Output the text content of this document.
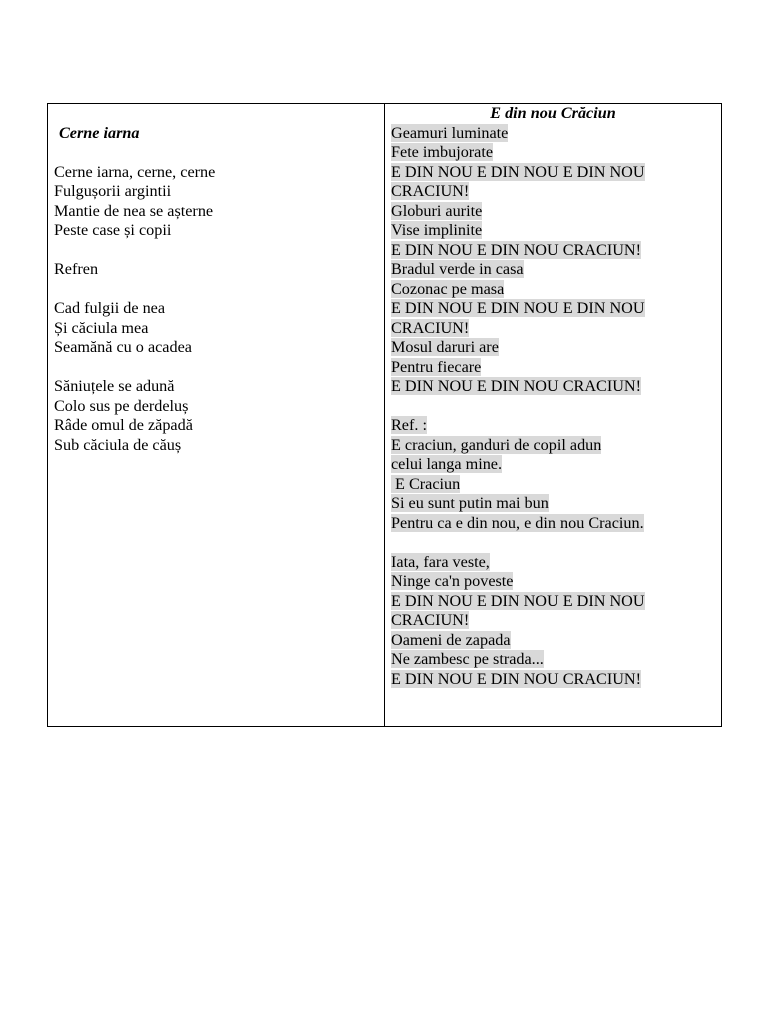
Cerne iarna
Cerne iarna, cerne, cerne
Fulgușorii argintii
Mantie de nea se așterne
Peste case și copii
Refren
Cad fulgii de nea
Și căciula mea
Seamănă cu o acadea
Săniuțele se adună
Colo sus pe derdeluș
Râde omul de zăpadă
Sub căciula de căuș
E din nou Crăciun
Geamuri luminate
Fete imbujorate
E DIN NOU E DIN NOU E DIN NOU
CRACIUN!
Globuri aurite
Vise implinite
E DIN NOU E DIN NOU CRACIUN!
Bradul verde in casa
Cozonac pe masa
E DIN NOU E DIN NOU E DIN NOU
CRACIUN!
Mosul daruri are
Pentru fiecare
E DIN NOU E DIN NOU CRACIUN!
Ref. :
E craciun, ganduri de copil adun
celui langa mine.
E Craciun
Si eu sunt putin mai bun
Pentru ca e din nou, e din nou Craciun.
Iata, fara veste,
Ninge ca'n poveste
E DIN NOU E DIN NOU E DIN NOU
CRACIUN!
Oameni de zapada
Ne zambesc pe strada...
E DIN NOU E DIN NOU CRACIUN!
